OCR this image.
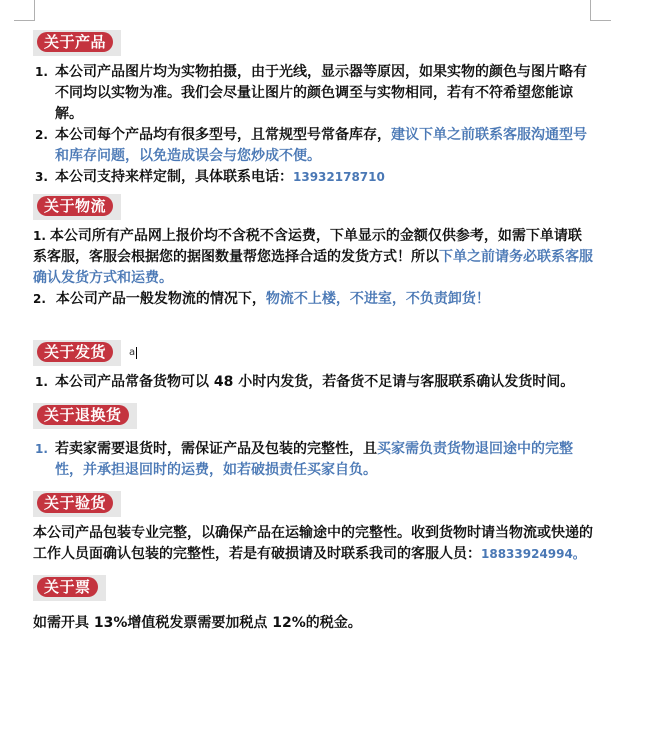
关于产品
1. 本公司产品图片均为实物拍摄，由于光线，显示器等原因，如果实物的颜色与图片略有不同均以实物为准。我们会尽量让图片的颜色调至与实物相同，若有不符希望您能谅解。
2. 本公司每个产品均有很多型号，且常规型号常备库存，建议下单之前联系客服沟通型号和库存问题，以免造成误会与您炒成不便。
3. 本公司支持来样定制，具体联系电话：13932178710
关于物流
1. 本公司所有产品网上报价均不含税不含运费，下单显示的金额仅供参考，如需下单请联系客服，客服会根据您的据图数量帮您选择合适的发货方式！所以下单之前请务必联系客服确认发货方式和运费。
2. 本公司产品一般发物流的情况下，物流不上楼，不进室，不负责卸货！
关于发货 a
1. 本公司产品常备货物可以 48 小时内发货，若备货不足请与客服联系确认发货时间。
关于退换货
1. 若卖家需要退货时，需保证产品及包装的完整性，且买家需负责货物退回途中的完整性，并承担退回时的运费，如若破损责任买家自负。
关于验货
本公司产品包装专业完整，以确保产品在运输途中的完整性。收到货物时请当物流或快递的工作人员面确认包装的完整性，若是有破损请及时联系我司的客服人员：18833924994。
关于票
如需开具 13%增值税发票需要加税点 12%的税金。
